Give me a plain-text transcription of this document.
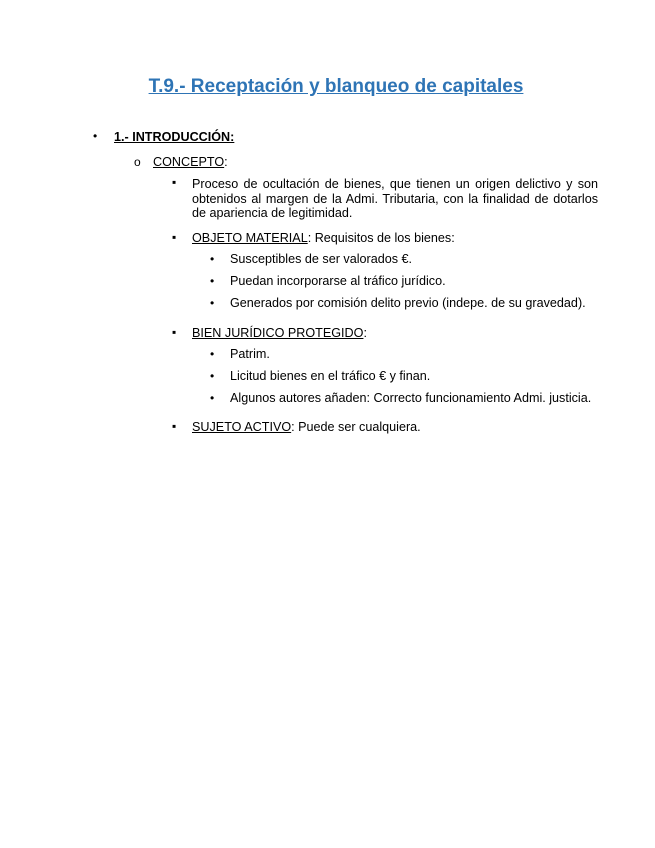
T.9.- Receptación y blanqueo de capitales
• 1.- INTRODUCCIÓN:
o CONCEPTO:
▪ Proceso de ocultación de bienes, que tienen un origen delictivo y son obtenidos al margen de la Admi. Tributaria, con la finalidad de dotarlos de apariencia de legitimidad.
▪ OBJETO MATERIAL: Requisitos de los bienes:
• Susceptibles de ser valorados €.
• Puedan incorporarse al tráfico jurídico.
• Generados por comisión delito previo (indepe. de su gravedad).
▪ BIEN JURÍDICO PROTEGIDO:
• Patrim.
• Licitud bienes en el tráfico € y finan.
• Algunos autores añaden: Correcto funcionamiento Admi. justicia.
▪ SUJETO ACTIVO: Puede ser cualquiera.
